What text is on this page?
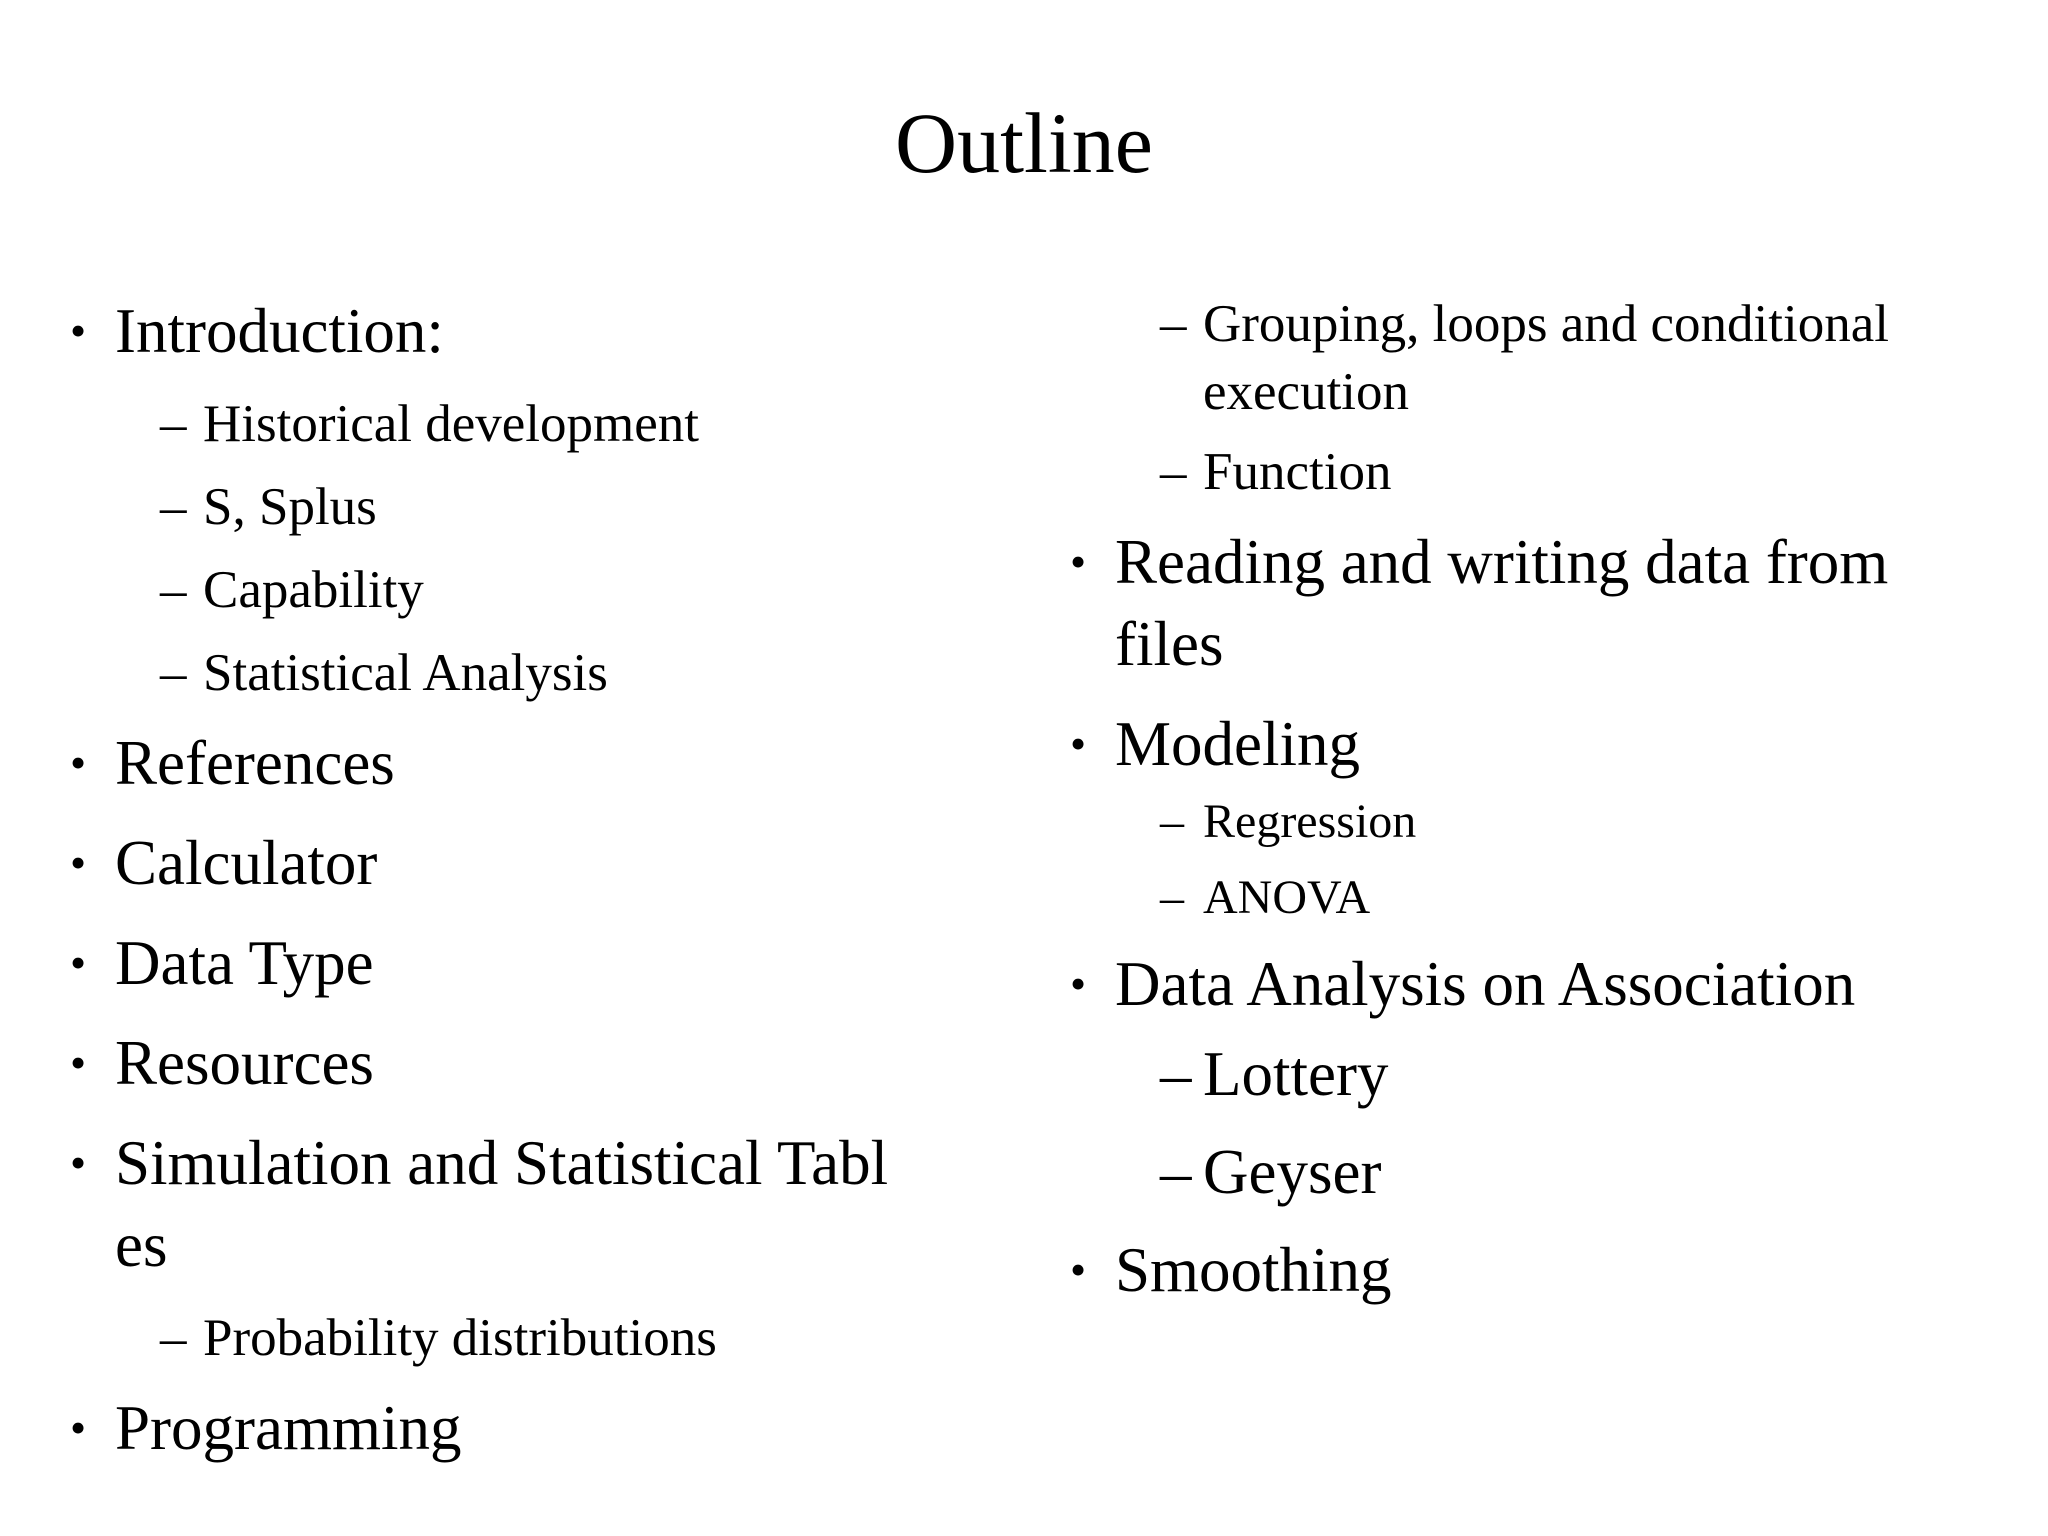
Outline
• Introduction:
– Historical development
– S, Splus
– Capability
– Statistical Analysis
• References
• Calculator
• Data Type
• Resources
• Simulation and Statistical Tabl
es
– Probability distributions
• Programming
– Grouping, loops and conditional
execution
– Function
• Reading and writing data from
files
• Modeling
– Regression
– ANOVA
• Data Analysis on Association
– Lottery
– Geyser
• Smoothing
